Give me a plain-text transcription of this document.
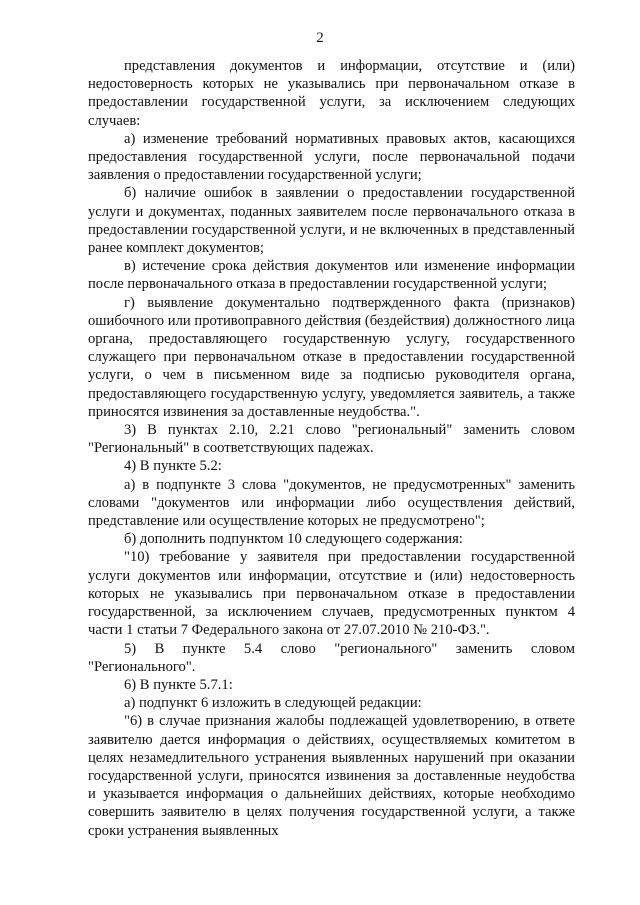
2

представления документов и информации, отсутствие и (или) недостоверность которых не указывались при первоначальном отказе в предоставлении государственной услуги, за исключением следующих случаев:

а) изменение требований нормативных правовых актов, касающихся предоставления государственной услуги, после первоначальной подачи заявления о предоставлении государственной услуги;

б) наличие ошибок в заявлении о предоставлении государственной услуги и документах, поданных заявителем после первоначального отказа в предоставлении государственной услуги, и не включенных в представленный ранее комплект документов;

в) истечение срока действия документов или изменение информации после первоначального отказа в предоставлении государственной услуги;

г) выявление документально подтвержденного факта (признаков) ошибочного или противоправного действия (бездействия) должностного лица органа, предоставляющего государственную услугу, государственного служащего при первоначальном отказе в предоставлении государственной услуги, о чем в письменном виде за подписью руководителя органа, предоставляющего государственную услугу, уведомляется заявитель, а также приносятся извинения за доставленные неудобства.".

3) В пунктах 2.10, 2.21 слово "региональный" заменить словом "Региональный" в соответствующих падежах.

4) В пункте 5.2:

а) в подпункте 3 слова "документов, не предусмотренных" заменить словами "документов или информации либо осуществления действий, представление или осуществление которых не предусмотрено";

б) дополнить подпунктом 10 следующего содержания:

"10) требование у заявителя при предоставлении государственной услуги документов или информации, отсутствие и (или) недостоверность которых не указывались при первоначальном отказе в предоставлении государственной, за исключением случаев, предусмотренных пунктом 4 части 1 статьи 7 Федерального закона от 27.07.2010 № 210-ФЗ.".

5) В пункте 5.4 слово "регионального" заменить словом "Регионального".

6) В пункте 5.7.1:

а) подпункт 6 изложить в следующей редакции:

"6) в случае признания жалобы подлежащей удовлетворению, в ответе заявителю дается информация о действиях, осуществляемых комитетом в целях незамедлительного устранения выявленных нарушений при оказании государственной услуги, приносятся извинения за доставленные неудобства и указывается информация о дальнейших действиях, которые необходимо совершить заявителю в целях получения государственной услуги, а также сроки устранения выявленных
